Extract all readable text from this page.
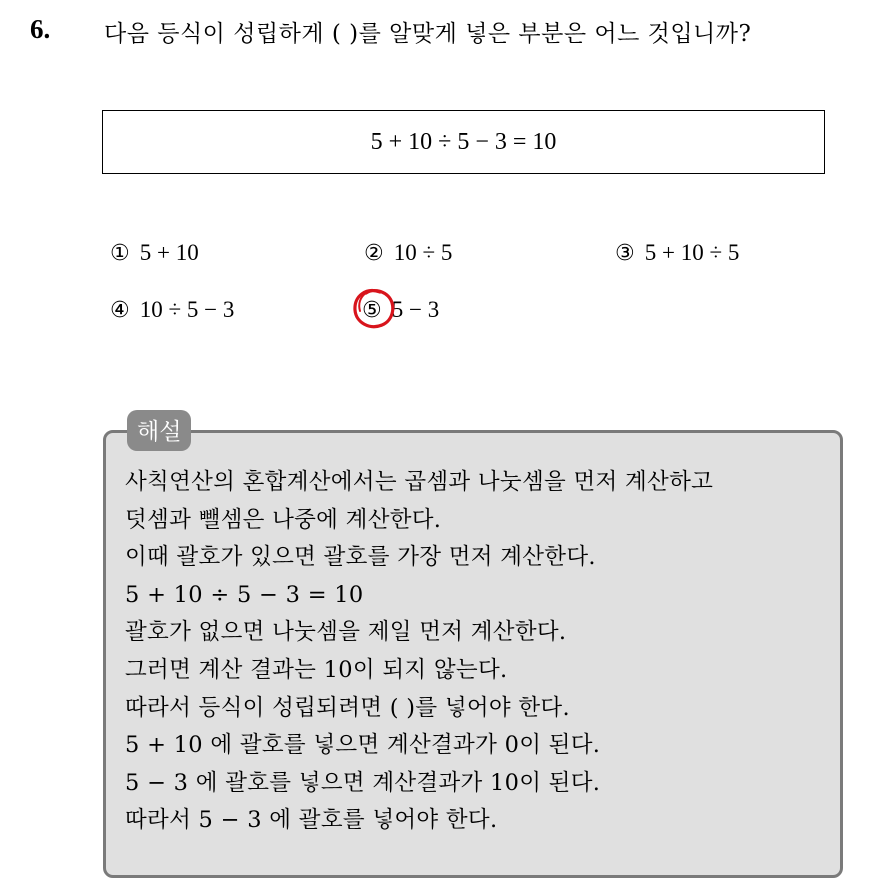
6. 다음 등식이 성립하게 ( )를 알맞게 넣은 부분은 어느 것입니까?
5 + 10 ÷ 5 − 3 = 10
① 5 + 10	② 10 ÷ 5	③ 5 + 10 ÷ 5
④ 10 ÷ 5 − 3	⑤ 5 − 3
해설
사칙연산의 혼합계산에서는 곱셈과 나눗셈을 먼저 계산하고
덧셈과 뺄셈은 나중에 계산한다.
이때 괄호가 있으면 괄호를 가장 먼저 계산한다.
5 + 10 ÷ 5 − 3 = 10
괄호가 없으면 나눗셈을 제일 먼저 계산한다.
그러면 계산 결과는 10이 되지 않는다.
따라서 등식이 성립되려면 ( )를 넣어야 한다.
5 + 10 에 괄호를 넣으면 계산결과가 0이 된다.
5 − 3 에 괄호를 넣으면 계산결과가 10이 된다.
따라서 5 − 3 에 괄호를 넣어야 한다.
